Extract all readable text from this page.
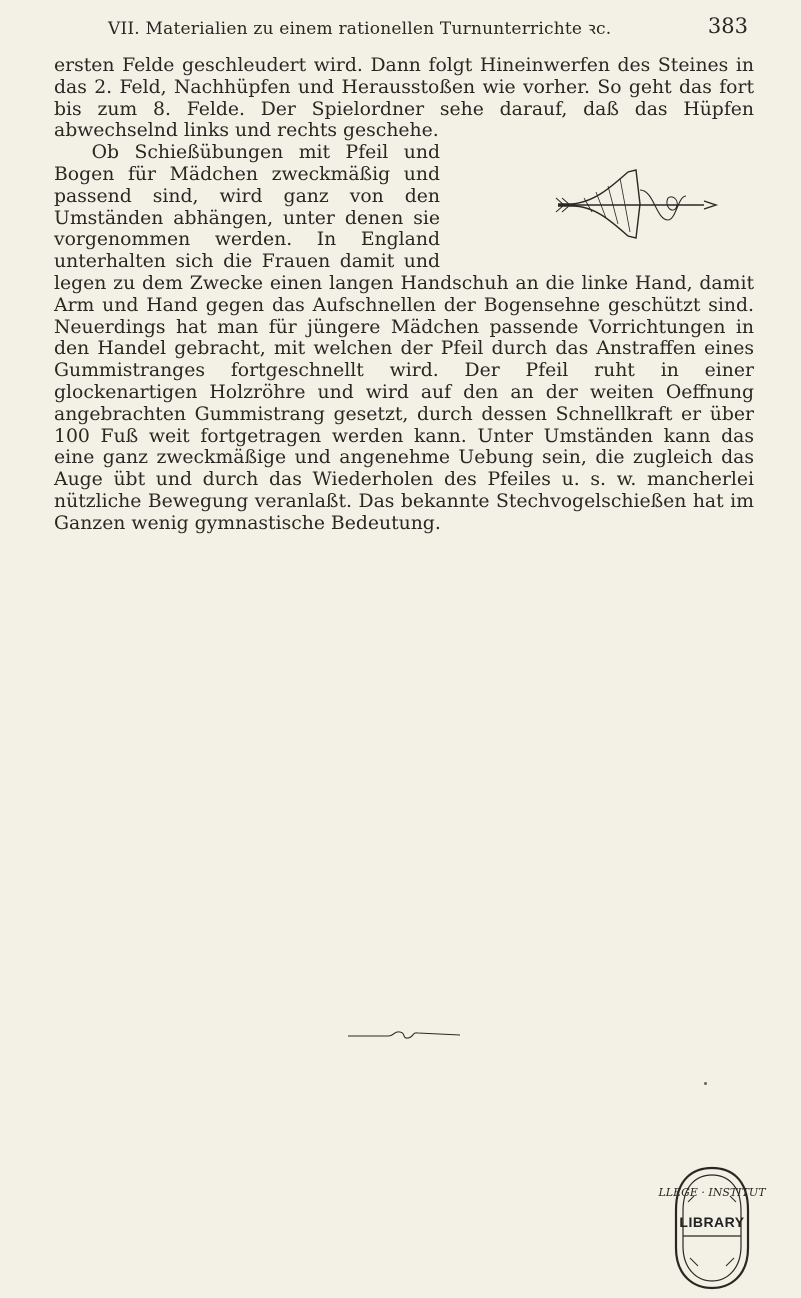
VII. Materialien zu einem rationellen Turnunterrichte ꝛc.	383

ersten Felde geschleudert wird. Dann folgt Hineinwerfen des Steines in das 2. Feld, Nachhüpfen und Herausstoßen wie vorher. So geht das fort bis zum 8. Felde. Der Spielordner sehe darauf, daß das Hüpfen abwechselnd links und rechts geschehe.

Ob Schießübungen mit Pfeil und Bogen für Mädchen zweckmäßig und passend sind, wird ganz von den Umständen abhängen, unter denen sie vorgenommen werden. In England unterhalten sich die Frauen damit und legen zu dem Zwecke einen langen Handschuh an die linke Hand, damit Arm und Hand gegen das Aufschnellen der Bogensehne geschützt sind. Neuerdings hat man für jüngere Mädchen passende Vorrichtungen in den Handel gebracht, mit welchen der Pfeil durch das Anstraffen eines Gummistranges fortgeschnellt wird. Der Pfeil ruht in einer glockenartigen Holzröhre und wird auf den an der weiten Oeffnung angebrachten Gummistrang gesetzt, durch dessen Schnellkraft er über 100 Fuß weit fortgetragen werden kann. Unter Umständen kann das eine ganz zweckmäßige und angenehme Uebung sein, die zugleich das Auge übt und durch das Wiederholen des Pfeiles u. s. w. mancherlei nützliche Bewegung veranlaßt. Das bekannte Stechvogelschießen hat im Ganzen wenig gymnastische Bedeutung.

LLEGE · INSTITUT
LIBRARY
